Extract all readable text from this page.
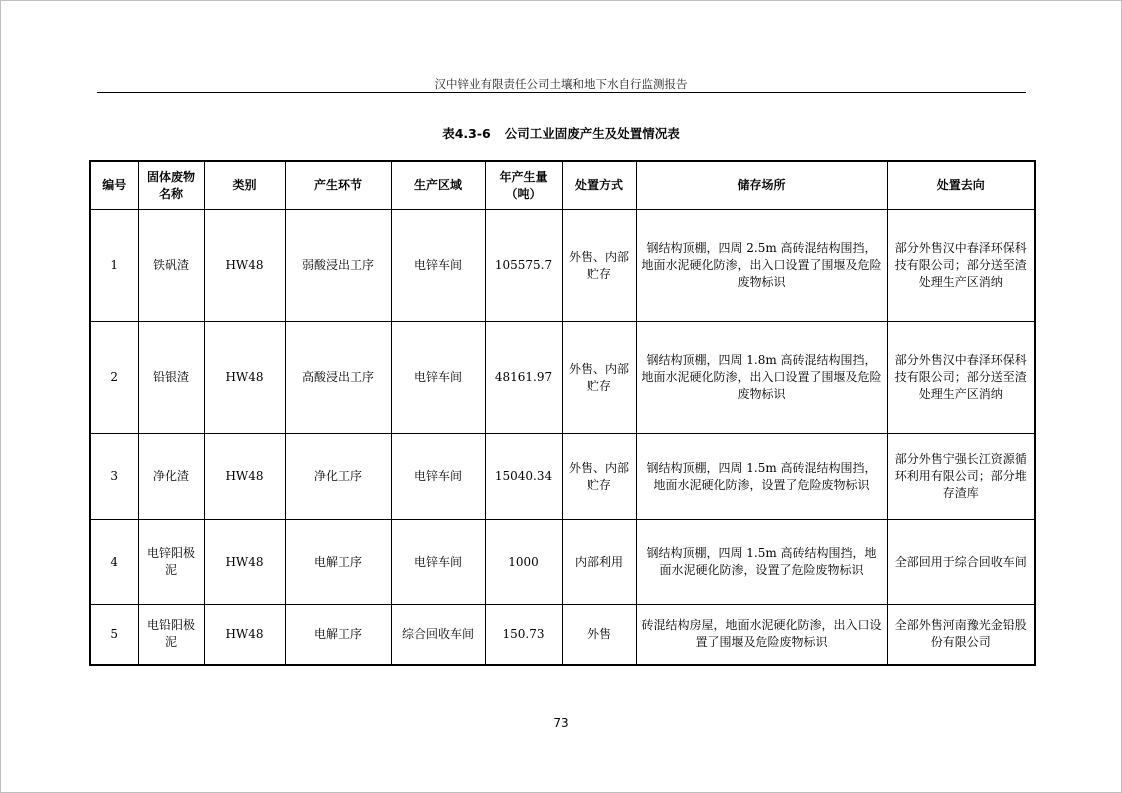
汉中锌业有限责任公司土壤和地下水自行监测报告
表4.3-6 公司工业固废产生及处置情况表
编号	固体废物名称	类别	产生环节	生产区域	年产生量（吨）	处置方式	储存场所	处置去向
1	铁矾渣	HW48	弱酸浸出工序	电锌车间	105575.7	外售、内部贮存	钢结构顶棚，四周 2.5m 高砖混结构围挡，地面水泥硬化防渗，出入口设置了围堰及危险废物标识	部分外售汉中春泽环保科技有限公司；部分送至渣处理生产区消纳
2	铅银渣	HW48	高酸浸出工序	电锌车间	48161.97	外售、内部贮存	钢结构顶棚，四周 1.8m 高砖混结构围挡，地面水泥硬化防渗，出入口设置了围堰及危险废物标识	部分外售汉中春泽环保科技有限公司；部分送至渣处理生产区消纳
3	净化渣	HW48	净化工序	电锌车间	15040.34	外售、内部贮存	钢结构顶棚，四周 1.5m 高砖混结构围挡，地面水泥硬化防渗，设置了危险废物标识	部分外售宁强长江资源循环利用有限公司；部分堆存渣库
4	电锌阳极泥	HW48	电解工序	电锌车间	1000	内部利用	钢结构顶棚，四周 1.5m 高砖结构围挡，地面水泥硬化防渗，设置了危险废物标识	全部回用于综合回收车间
5	电铅阳极泥	HW48	电解工序	综合回收车间	150.73	外售	砖混结构房屋，地面水泥硬化防渗，出入口设置了围堰及危险废物标识	全部外售河南豫光金铅股份有限公司
73
